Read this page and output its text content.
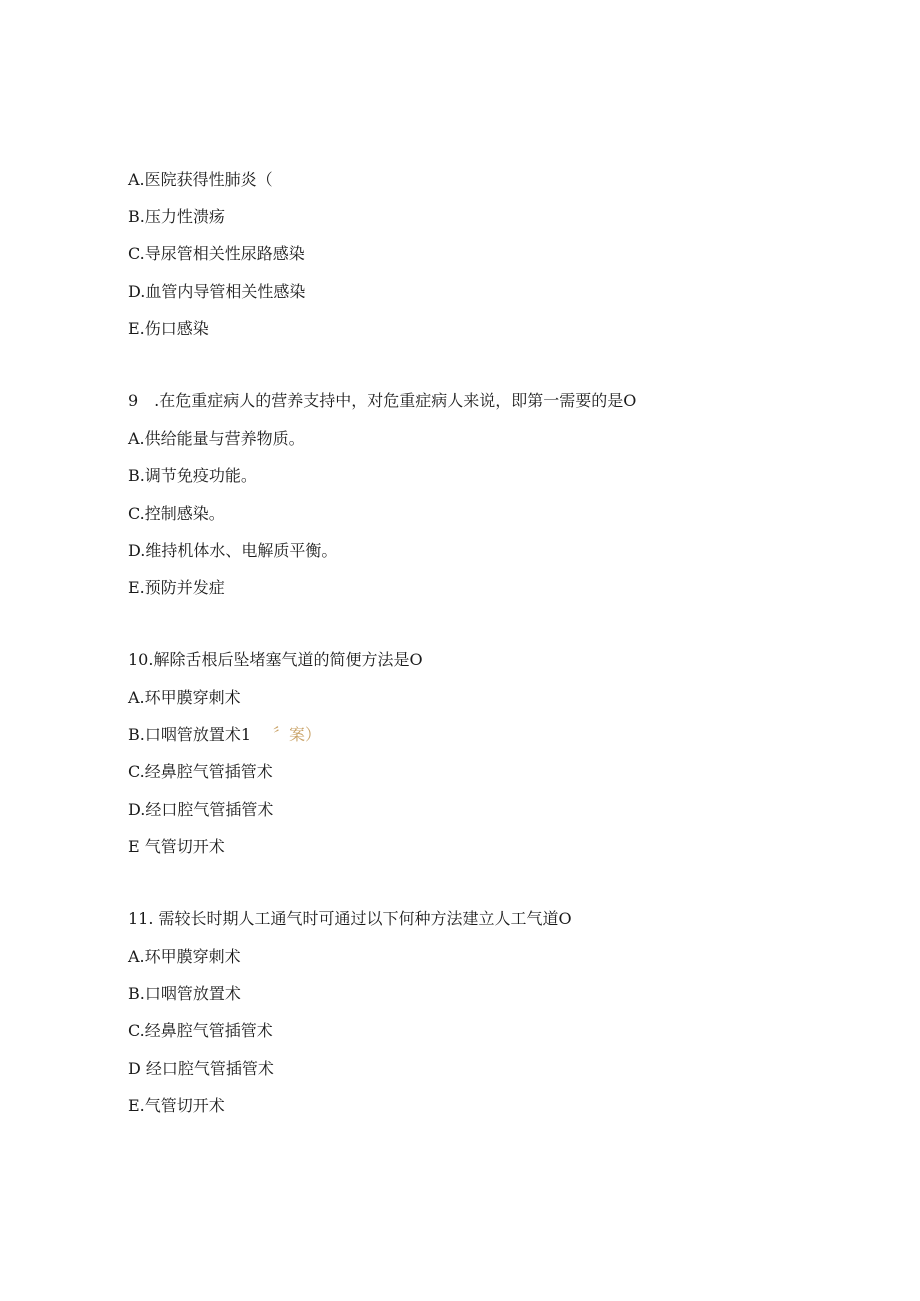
A.医院获得性肺炎（
B.压力性溃疡
C.导尿管相关性尿路感染
D.血管内导管相关性感染
E.伤口感染
9　.在危重症病人的营养支持中，对危重症病人来说，即第一需要的是O
A.供给能量与营养物质。
B.调节免疫功能。
C.控制感染。
D.维持机体水、电解质平衡。
E.预防并发症
10.解除舌根后坠堵塞气道的简便方法是O
A.环甲膜穿刺术
B.口咽管放置术1 〞案）
C.经鼻腔气管插管术
D.经口腔气管插管术
E 气管切开术
11. 需较长时期人工通气时可通过以下何种方法建立人工气道O
A.环甲膜穿刺术
B.口咽管放置术
C.经鼻腔气管插管术
D 经口腔气管插管术
E.气管切开术
